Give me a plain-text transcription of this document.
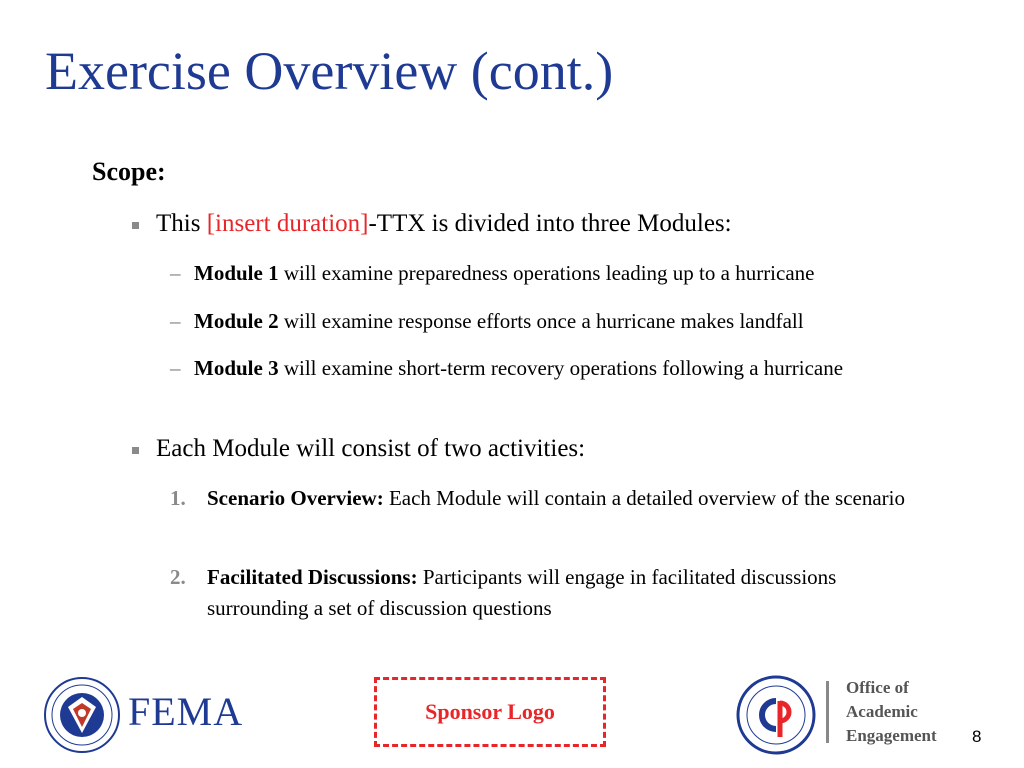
Exercise Overview (cont.)
Scope:
This [insert duration]-TTX is divided into three Modules:
– Module 1 will examine preparedness operations leading up to a hurricane
– Module 2 will examine response efforts once a hurricane makes landfall
– Module 3 will examine short-term recovery operations following a hurricane
Each Module will consist of two activities:
1. Scenario Overview: Each Module will contain a detailed overview of the scenario
2. Facilitated Discussions: Participants will engage in facilitated discussions surrounding a set of discussion questions
FEMA	Sponsor Logo
Office of
Academic
Engagement 8
